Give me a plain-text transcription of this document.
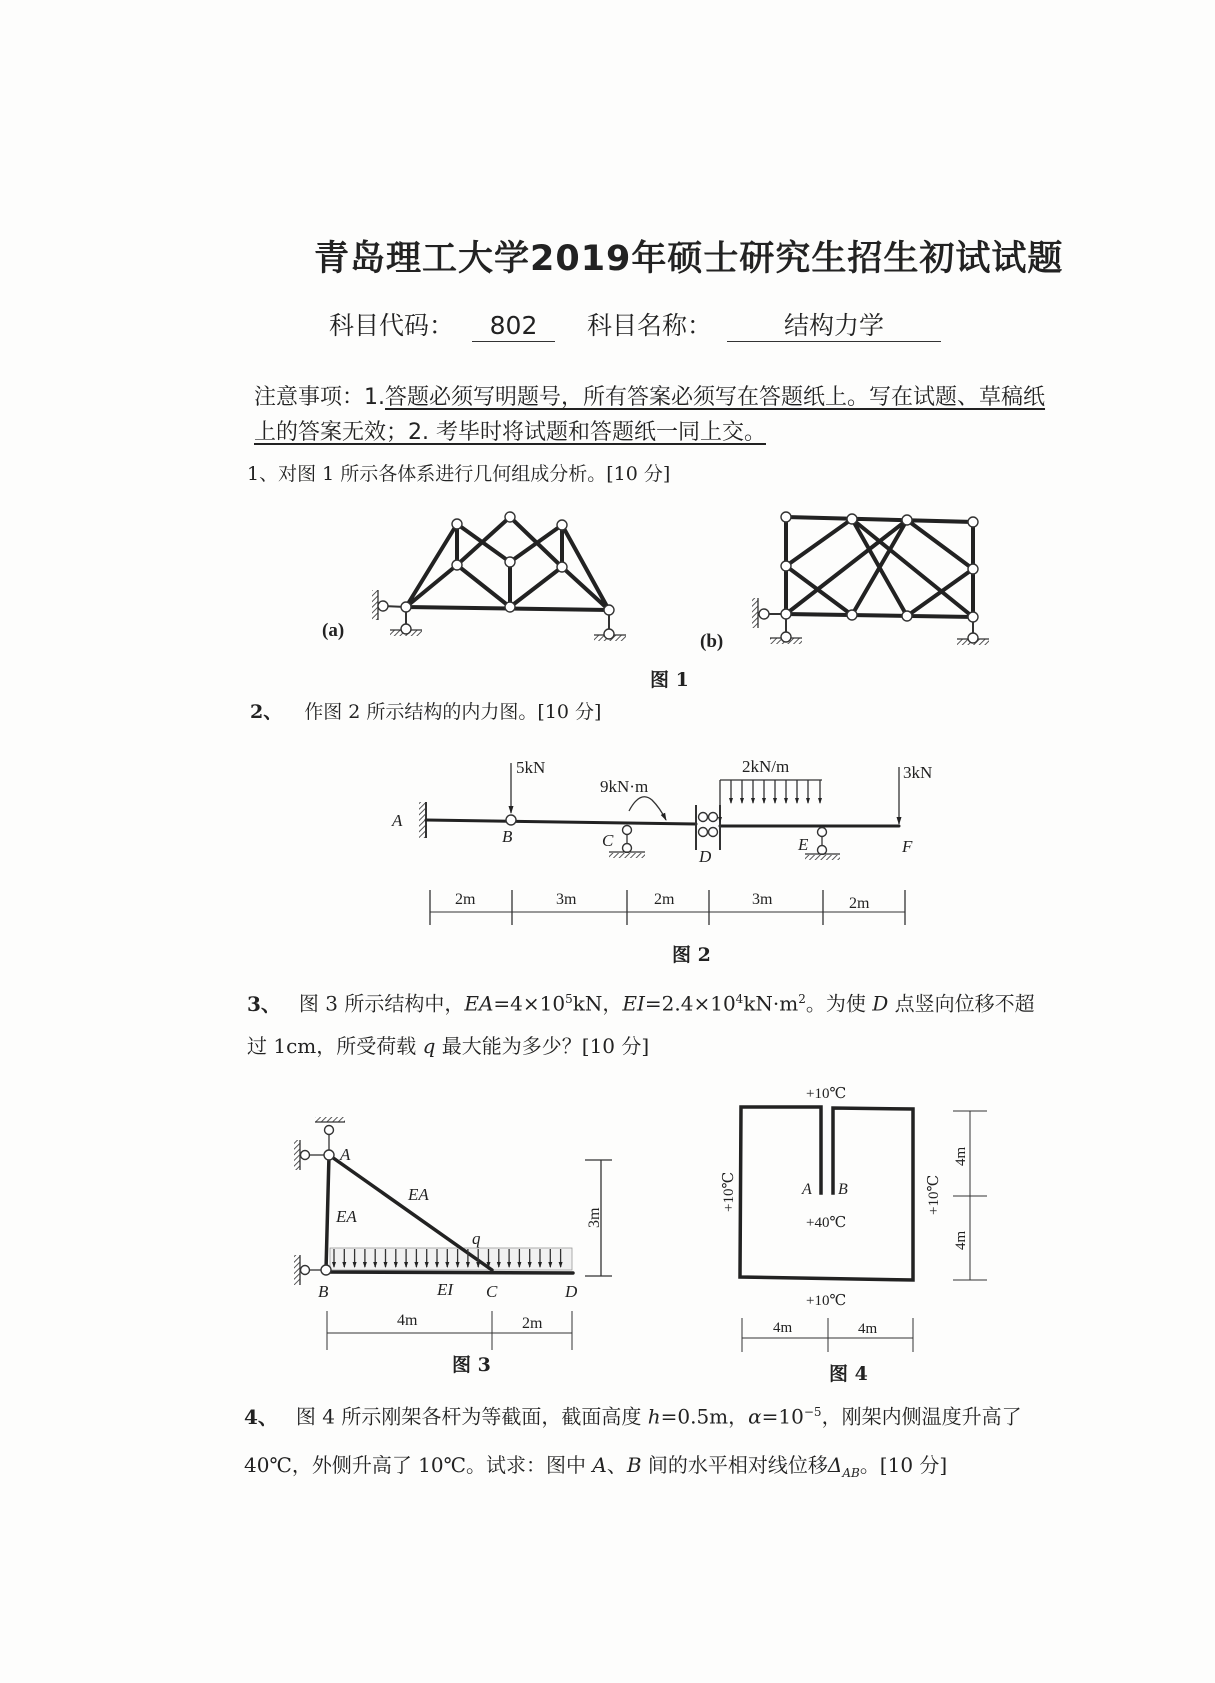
青岛理工大学2019年硕士研究生招生初试试题
科目代码：	802	科目名称：	结构力学
注意事项：1.答题必须写明题号，所有答案必须写在答题纸上。写在试题、草稿纸
上的答案无效；2. 考毕时将试题和答题纸一同上交。
1、对图 1 所示各体系进行几何组成分析。[10 分]
2、 作图 2 所示结构的内力图。[10 分]
3、 图 3 所示结构中，$EA=4\times 10^5kN$，$EI=2.4\times 10^4kN\cdot m^2$。为使 D 点竖向位移不超
过 1cm，所受荷载 q 最大能为多少？[10 分]
4、 图 4 所示刚架各杆为等截面，截面高度 h=0.5m，$\alpha=10^{-5}$，刚架内侧温度升高了
40℃，外侧升高了 10℃。试求：图中 A、B 间的水平相对线位移$\Delta_{AB}$。[10 分]
图 1
图 2
图 3	图 4
(a)
(b)
5kN
9kN·m
2kN/m	3kN
A
B	C
D
E	F
2m	3m	2m	3m	2m
A
B	C	D
EA
EA
EI
q
3m
4m	2m
+10℃
+10℃
+40℃
+10℃	+10℃
A B
4m
4m
4m	4m
